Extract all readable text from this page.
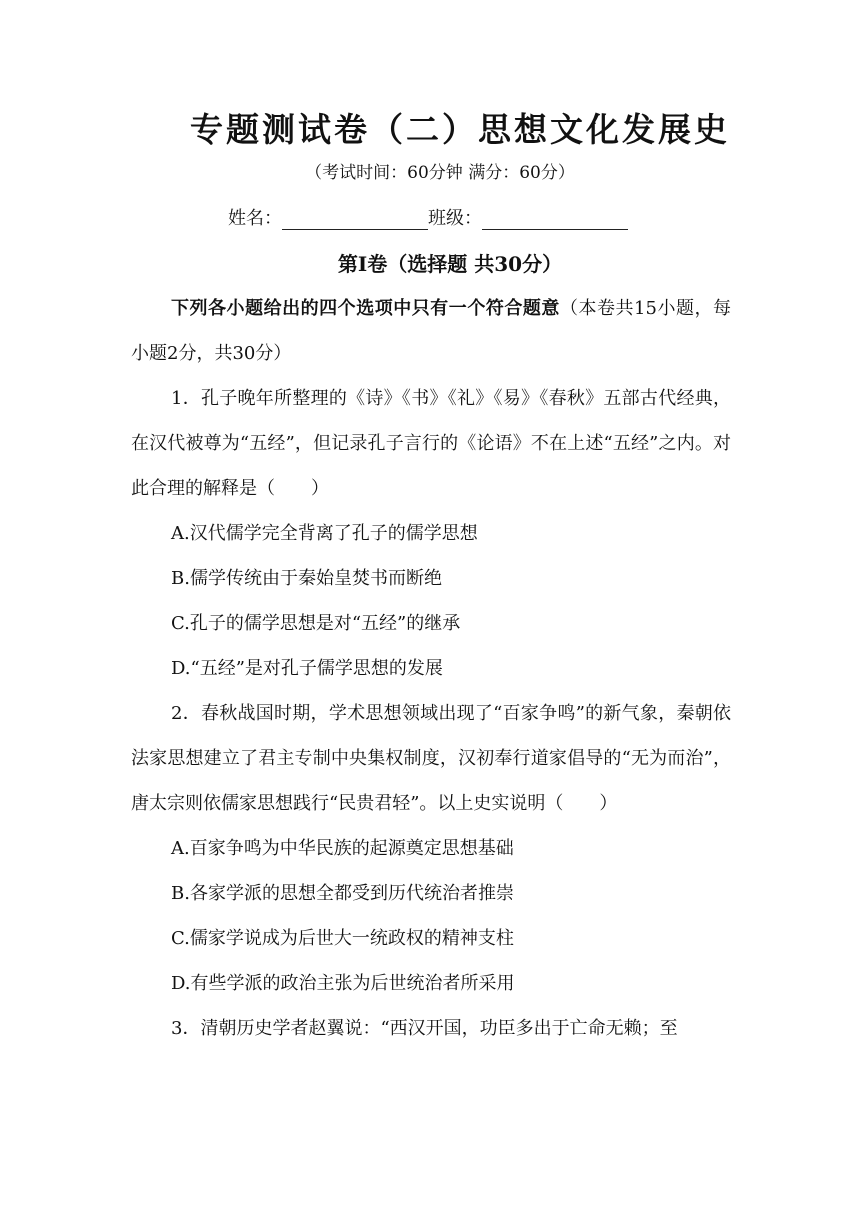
专题测试卷（二）思想文化发展史
（考试时间：60分钟 满分：60分）
姓名：	班级：
第Ⅰ卷（选择题 共30分）

下列各小题给出的四个选项中只有一个符合题意（本卷共15小题，每小题2分，共30分）

1．孔子晚年所整理的《诗》《书》《礼》《易》《春秋》五部古代经典，在汉代被尊为“五经”，但记录孔子言行的《论语》不在上述“五经”之内。对此合理的解释是（　　）

A.汉代儒学完全背离了孔子的儒学思想

B.儒学传统由于秦始皇焚书而断绝

C.孔子的儒学思想是对“五经”的继承

D.“五经”是对孔子儒学思想的发展

2．春秋战国时期，学术思想领域出现了“百家争鸣”的新气象，秦朝依法家思想建立了君主专制中央集权制度，汉初奉行道家倡导的“无为而治”，唐太宗则依儒家思想践行“民贵君轻”。以上史实说明（　　）

A.百家争鸣为中华民族的起源奠定思想基础

B.各家学派的思想全都受到历代统治者推崇

C.儒家学说成为后世大一统政权的精神支柱

D.有些学派的政治主张为后世统治者所采用

3．清朝历史学者赵翼说：“西汉开国，功臣多出于亡命无赖；至
